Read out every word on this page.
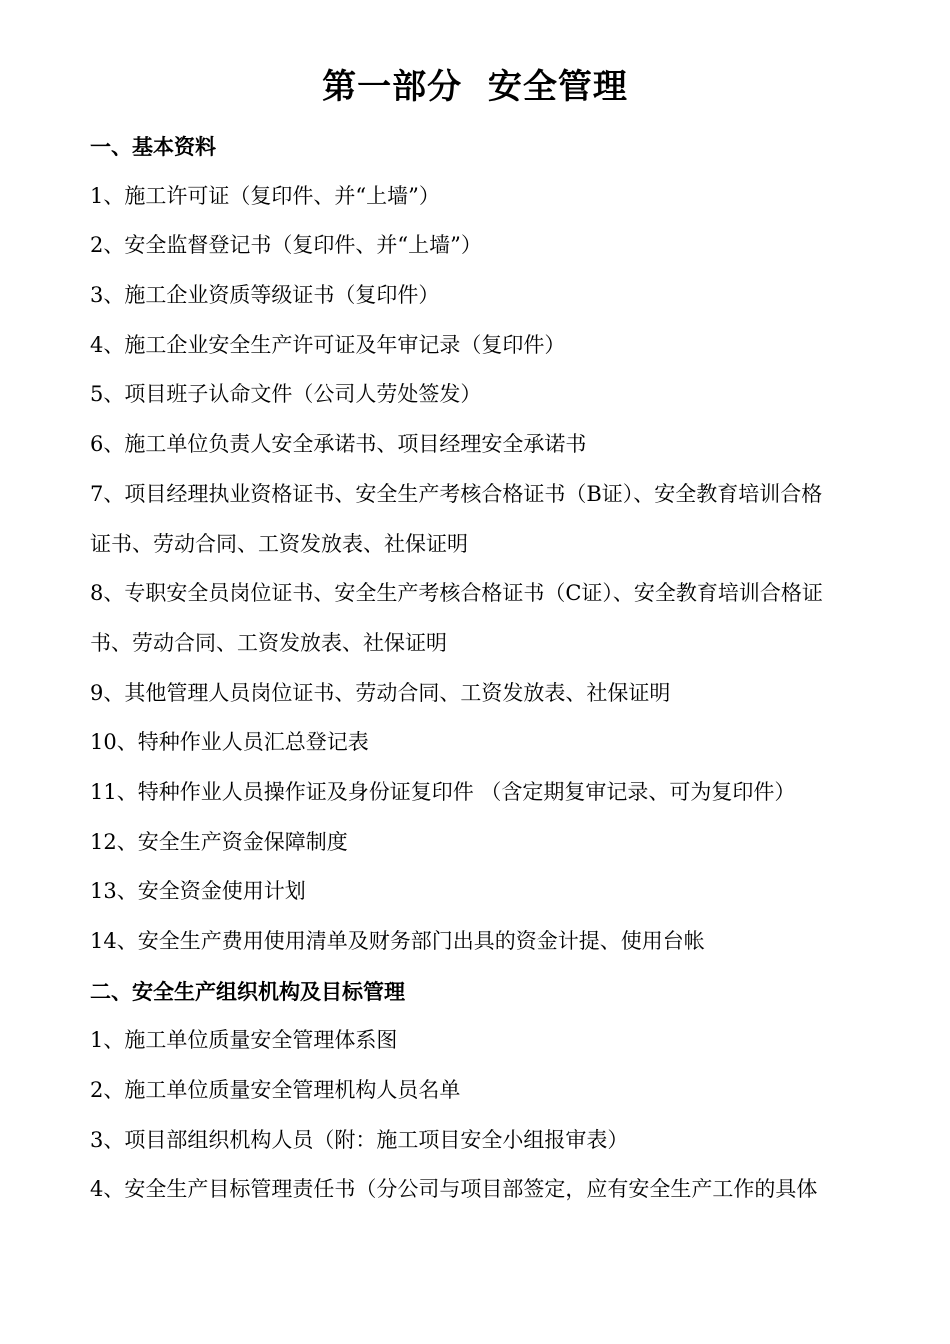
第一部分  安全管理
一、基本资料
1、施工许可证（复印件、并“上墙”）
2、安全监督登记书（复印件、并“上墙”）
3、施工企业资质等级证书（复印件）
4、施工企业安全生产许可证及年审记录（复印件）
5、项目班子认命文件（公司人劳处签发）
6、施工单位负责人安全承诺书、项目经理安全承诺书
7、项目经理执业资格证书、安全生产考核合格证书（B证）、安全教育培训合格
证书、劳动合同、工资发放表、社保证明
8、专职安全员岗位证书、安全生产考核合格证书（C证）、安全教育培训合格证
书、劳动合同、工资发放表、社保证明
9、其他管理人员岗位证书、劳动合同、工资发放表、社保证明
10、特种作业人员汇总登记表
11、特种作业人员操作证及身份证复印件 （含定期复审记录、可为复印件）
12、安全生产资金保障制度
13、安全资金使用计划
14、安全生产费用使用清单及财务部门出具的资金计提、使用台帐
二、安全生产组织机构及目标管理
1、施工单位质量安全管理体系图
2、施工单位质量安全管理机构人员名单
3、项目部组织机构人员（附：施工项目安全小组报审表）
4、安全生产目标管理责任书（分公司与项目部签定，应有安全生产工作的具体
